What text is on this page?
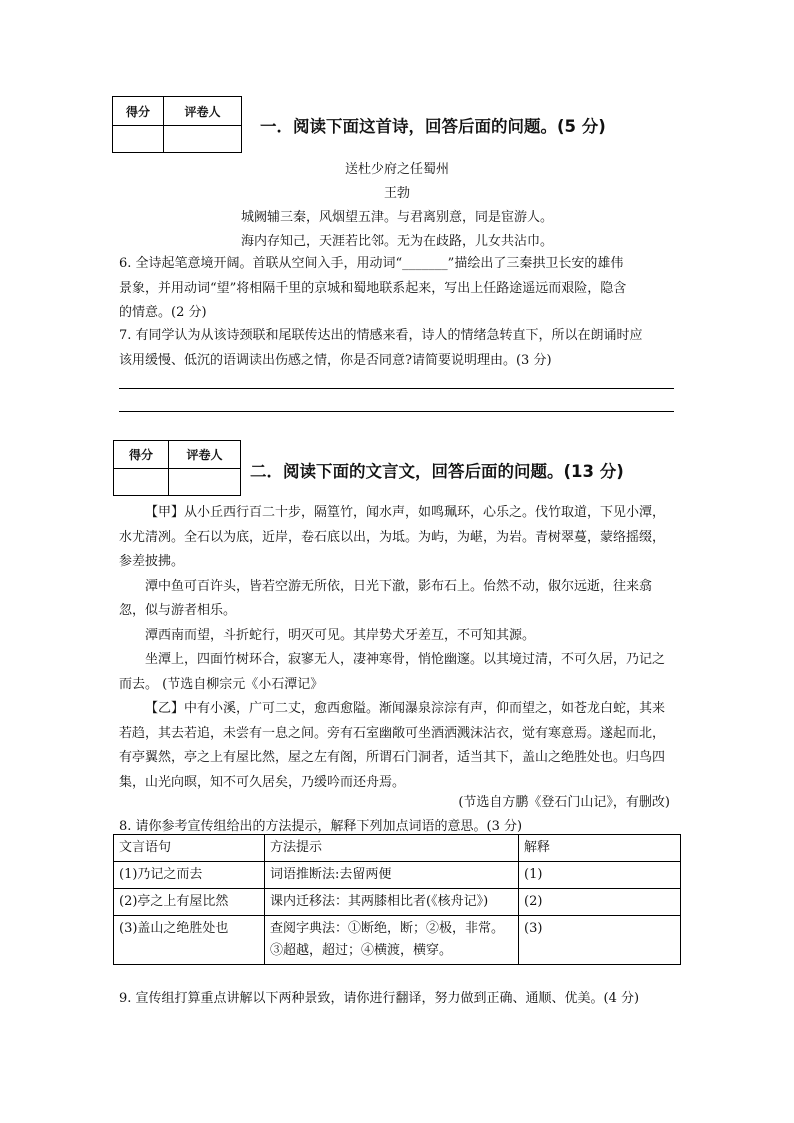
得分	评卷人

一．阅读下面这首诗，回答后面的问题。(5 分)
送杜少府之任蜀州
王勃
城阙辅三秦，风烟望五津。与君离别意，同是宦游人。
海内存知己，天涯若比邻。无为在歧路，儿女共沾巾。
6. 全诗起笔意境开阔。首联从空间入手，用动词“_______”描绘出了三秦拱卫长安的雄伟
景象，并用动词“望”将相隔千里的京城和蜀地联系起来，写出上任路途遥远而艰险，隐含
的情意。(2 分)
7. 有同学认为从该诗颈联和尾联传达出的情感来看，诗人的情绪急转直下，所以在朗诵时应
该用缓慢、低沉的语调读出伤感之情，你是否同意?请简要说明理由。(3 分)
得分	评卷人

二．阅读下面的文言文，回答后面的问题。(13 分)

【甲】从小丘西行百二十步，隔篁竹，闻水声，如鸣珮环，心乐之。伐竹取道，下见小潭，水尤清冽。全石以为底，近岸，卷石底以出，为坻。为屿，为嵁，为岩。青树翠蔓，蒙络摇缀，参差披拂。

潭中鱼可百许头，皆若空游无所依，日光下澈，影布石上。佁然不动，俶尔远逝，往来翕忽，似与游者相乐。

潭西南而望，斗折蛇行，明灭可见。其岸势犬牙差互，不可知其源。

坐潭上，四面竹树环合，寂寥无人，凄神寒骨，悄怆幽邃。以其境过清，不可久居，乃记之而去。 (节选自柳宗元《小石潭记》

【乙】中有小溪，广可二丈，愈西愈隘。渐闻瀑泉淙淙有声，仰而望之，如苍龙白蛇，其来若趋，其去若追，未尝有一息之间。旁有石室幽敞可坐酒洒溅沫沾衣，觉有寒意焉。遂起而北，有亭翼然，亭之上有屋比然，屋之左有阁，所谓石门洞者，适当其下，盖山之绝胜处也。归鸟四集，山光向暝，知不可久居矣，乃缓吟而还舟焉。

(节选自方鹏《登石门山记》，有删改)
8. 请你参考宣传组给出的方法提示，解释下列加点词语的意思。(3 分)
文言语句	方法提示	解释
(1)乃记之而去	词语推断法:去留两便	(1)
(2)亭之上有屋比然	课内迁移法：其两膝相比者(《核舟记》)	(2)
(3)盖山之绝胜处也	查阅字典法：①断绝，断；②极，非常。③超越，超过；④横渡，横穿。	(3)
9. 宣传组打算重点讲解以下两种景致，请你进行翻译，努力做到正确、通顺、优美。(4 分)
